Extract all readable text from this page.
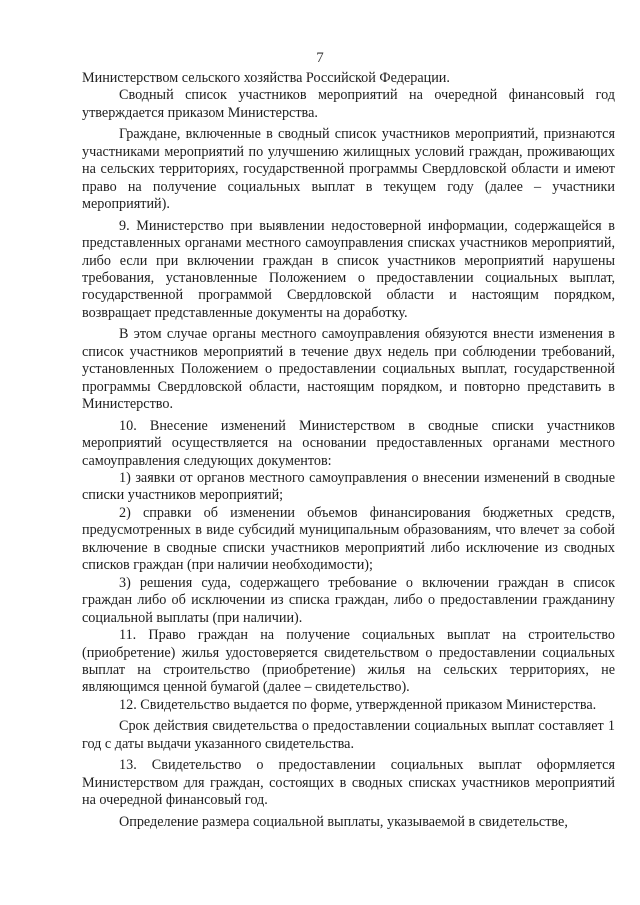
7

Министерством сельского хозяйства Российской Федерации.

Сводный список участников мероприятий на очередной финансовый год утверждается приказом Министерства.

Граждане, включенные в сводный список участников мероприятий, признаются участниками мероприятий по улучшению жилищных условий граждан, проживающих на сельских территориях, государственной программы Свердловской области и имеют право на получение социальных выплат в текущем году (далее – участники мероприятий).

9. Министерство при выявлении недостоверной информации, содержащейся в представленных органами местного самоуправления списках участников мероприятий, либо если при включении граждан в список участников мероприятий нарушены требования, установленные Положением о предоставлении социальных выплат, государственной программой Свердловской области и настоящим порядком, возвращает представленные документы на доработку.

В этом случае органы местного самоуправления обязуются внести изменения в список участников мероприятий в течение двух недель при соблюдении требований, установленных Положением о предоставлении социальных выплат, государственной программы Свердловской области, настоящим порядком, и повторно представить в Министерство.

10. Внесение изменений Министерством в сводные списки участников мероприятий осуществляется на основании предоставленных органами местного самоуправления следующих документов:

1) заявки от органов местного самоуправления о внесении изменений в сводные списки участников мероприятий;

2) справки об изменении объемов финансирования бюджетных средств, предусмотренных в виде субсидий муниципальным образованиям, что влечет за собой включение в сводные списки участников мероприятий либо исключение из сводных списков граждан (при наличии необходимости);

3) решения суда, содержащего требование о включении граждан в список граждан либо об исключении из списка граждан, либо о предоставлении гражданину социальной выплаты (при наличии).

11. Право граждан на получение социальных выплат на строительство (приобретение) жилья удостоверяется свидетельством о предоставлении социальных выплат на строительство (приобретение) жилья на сельских территориях, не являющимся ценной бумагой (далее – свидетельство).

12. Свидетельство выдается по форме, утвержденной приказом Министерства.

Срок действия свидетельства о предоставлении социальных выплат составляет 1 год с даты выдачи указанного свидетельства.

13. Свидетельство о предоставлении социальных выплат оформляется Министерством для граждан, состоящих в сводных списках участников мероприятий на очередной финансовый год.

Определение размера социальной выплаты, указываемой в свидетельстве,
